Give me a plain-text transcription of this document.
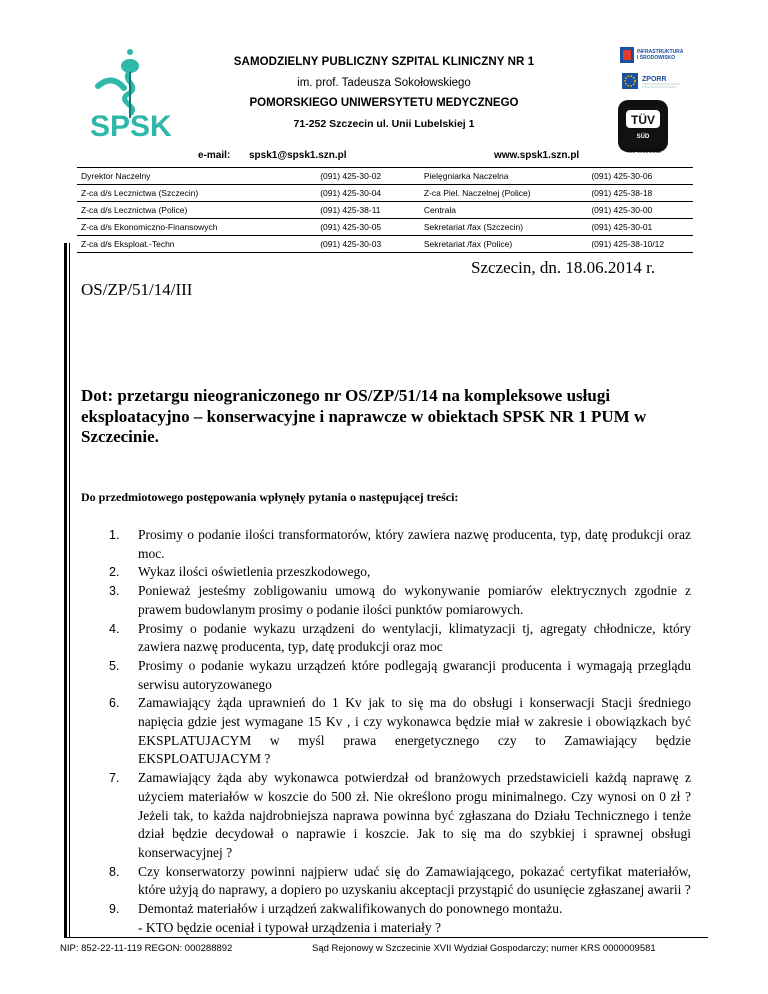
SPSK
SAMODZIELNY PUBLICZNY SZPITAL KLINICZNY NR 1
im. prof. Tadeusza Sokołowskiego
POMORSKIEGO UNIWERSYTETU MEDYCZNEGO
71-252 Szczecin ul. Unii Lubelskiej 1
INFRASTRUKTURA
I ŚRODOWISKO
ZPORR
TÜV
SÜD
ISO 9001:2008
e-mail: spsk1@spsk1.szn.pl	www.spsk1.szn.pl
Dyrektor Naczelny	(091) 425-30-02	Pielęgniarka Naczelna	(091) 425-30-06
Z-ca d/s Lecznictwa (Szczecin)	(091) 425-30-04	Z-ca Piel. Naczelnej (Police)	(091) 425-38-18
Z-ca d/s Lecznictwa (Police)	(091) 425-38-11	Centrala	(091) 425-30-00
Z-ca d/s Ekonomiczno-Finansowych	(091) 425-30-05	Sekretariat /fax (Szczecin)	(091) 425-30-01
Z-ca d/s Eksploat.-Techn	(091) 425-30-03	Sekretariat /fax (Police)	(091) 425-38-10/12
Szczecin, dn. 18.06.2014 r.
OS/ZP/51/14/III
Dot: przetargu nieograniczonego nr OS/ZP/51/14 na kompleksowe usługi eksploatacyjno – konserwacyjne i naprawcze w obiektach SPSK NR 1 PUM w Szczecinie.
Do przedmiotowego postępowania wpłynęły pytania o następującej treści:
1. Prosimy o podanie ilości transformatorów, który zawiera nazwę producenta, typ, datę produkcji oraz moc.
2. Wykaz ilości oświetlenia przeszkodowego,
3. Ponieważ jesteśmy zobligowaniu umową do wykonywanie pomiarów elektrycznych zgodnie z prawem budowlanym prosimy o podanie ilości punktów pomiarowych.
4. Prosimy o podanie wykazu urządzeni do wentylacji, klimatyzacji tj, agregaty chłodnicze, który zawiera nazwę producenta, typ, datę produkcji oraz moc
5. Prosimy o podanie wykazu urządzeń które podlegają gwarancji producenta i wymagają przeglądu serwisu autoryzowanego
6. Zamawiający żąda uprawnień do 1 Kv jak to się ma do obsługi i konserwacji Stacji średniego napięcia gdzie jest wymagane 15 Kv , i czy wykonawca będzie miał w zakresie i obowiązkach być EKSPLATUJACYM w myśl prawa energetycznego czy to Zamawiający będzie EKSPLOATUJACYM ?
7. Zamawiający żąda aby wykonawca potwierdzał od branżowych przedstawicieli każdą naprawę z użyciem materiałów w koszcie do 500 zł. Nie określono progu minimalnego. Czy wynosi on 0 zł ? Jeżeli tak, to każda najdrobniejsza naprawa powinna być zgłaszana do Działu Technicznego i tenże dział będzie decydował o naprawie i koszcie. Jak to się ma do szybkiej i sprawnej obsługi konserwacyjnej ?
8. Czy konserwatorzy powinni najpierw udać się do Zamawiającego, pokazać certyfikat materiałów, które użyją do naprawy, a dopiero po uzyskaniu akceptacji przystąpić do usunięcie zgłaszanej awarii ?
9. Demontaż materiałów i urządzeń zakwalifikowanych do ponownego montażu.
- KTO będzie oceniał i typował urządzenia i materiały ?
NIP: 852-22-11-119 REGON: 000288892	Sąd Rejonowy w Szczecinie XVII Wydział Gospodarczy; numer KRS 0000009581
